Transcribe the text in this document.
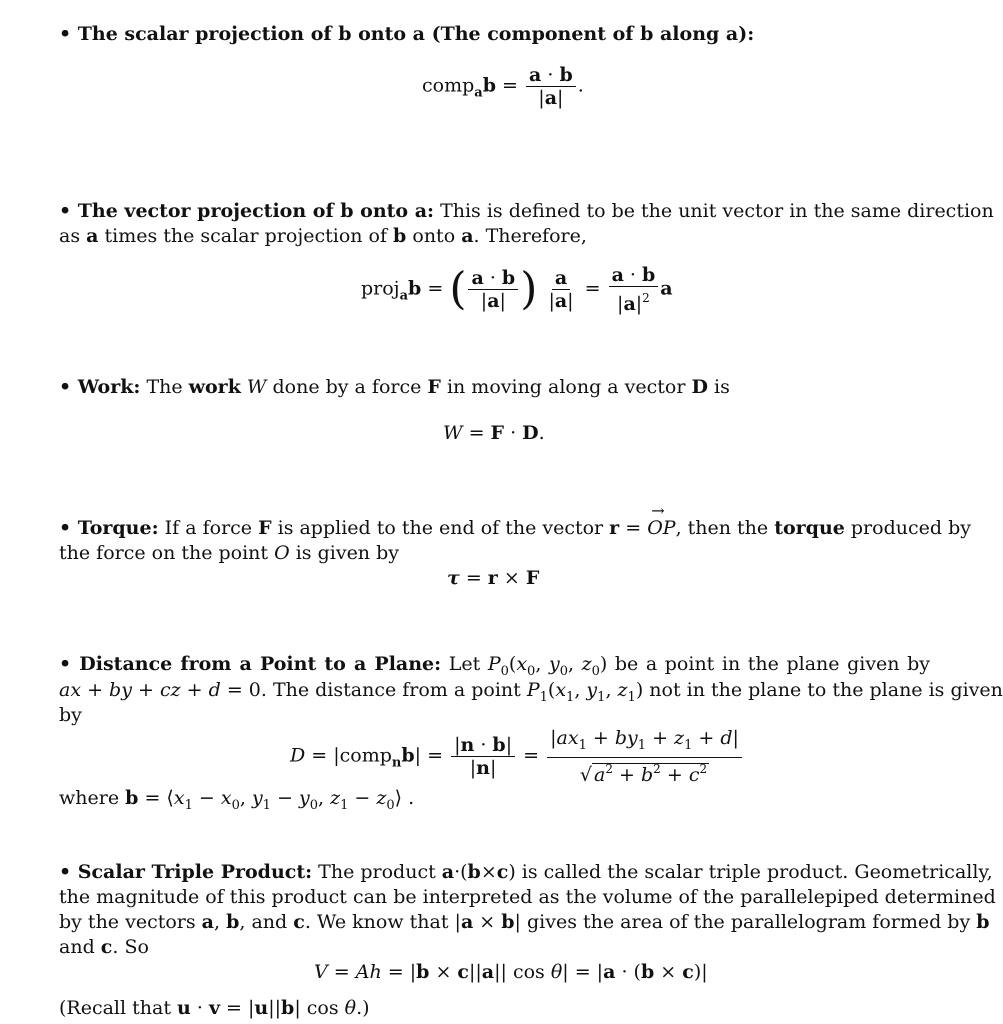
• The scalar projection of b onto a (The component of b along a):
comp$_a$b = $\frac{a \cdot b}{|a|}$ .
• The vector projection of b onto a: This is defined to be the unit vector in the same direction
as a times the scalar projection of b onto a. Therefore,
proj$_a$b = ( $\frac{a \cdot b}{|a|}$ ) $\frac{a}{|a|} = \frac{a \cdot b}{|a|^2}$ a
• Work: The work W done by a force F in moving along a vector D is
W = F · D.
• Torque: If a force F is applied to the end of the vector r = → OP, then the torque produced by
the force on the point O is given by
τ = r × F
• Distance from a Point to a Plane: Let $P_0(x_0$, $y_0$, $z_0$) be a point in the plane given by
ax + by + cz + d = 0. The distance from a point $P_1(x_1$, $y_1$, $z_1$) not in the plane to the plane is given
by
D = |comp$_n$b| = $\frac{|n \cdot b|}{|n|} = \frac{|ax_1 + by_1 + z_1 + d|}{√ a^2 + b^2 + c^2}$
where $b = ⟨x_1 - x_0$, $y_1 - y_0$, $z_1$ − $z_0⟩$ .
• Scalar Triple Product: The product a·(b×c) is called the scalar triple product. Geometrically,
the magnitude of this product can be interpreted as the volume of the parallelepiped determined
by the vectors a, b, and c. We know that |a × b| gives the area of the parallelogram formed by b
and c. So
V = Ah = |b × c||a|| cos θ| = |a · (b × c)|
(Recall that u · v = |u||b| cos θ.)
